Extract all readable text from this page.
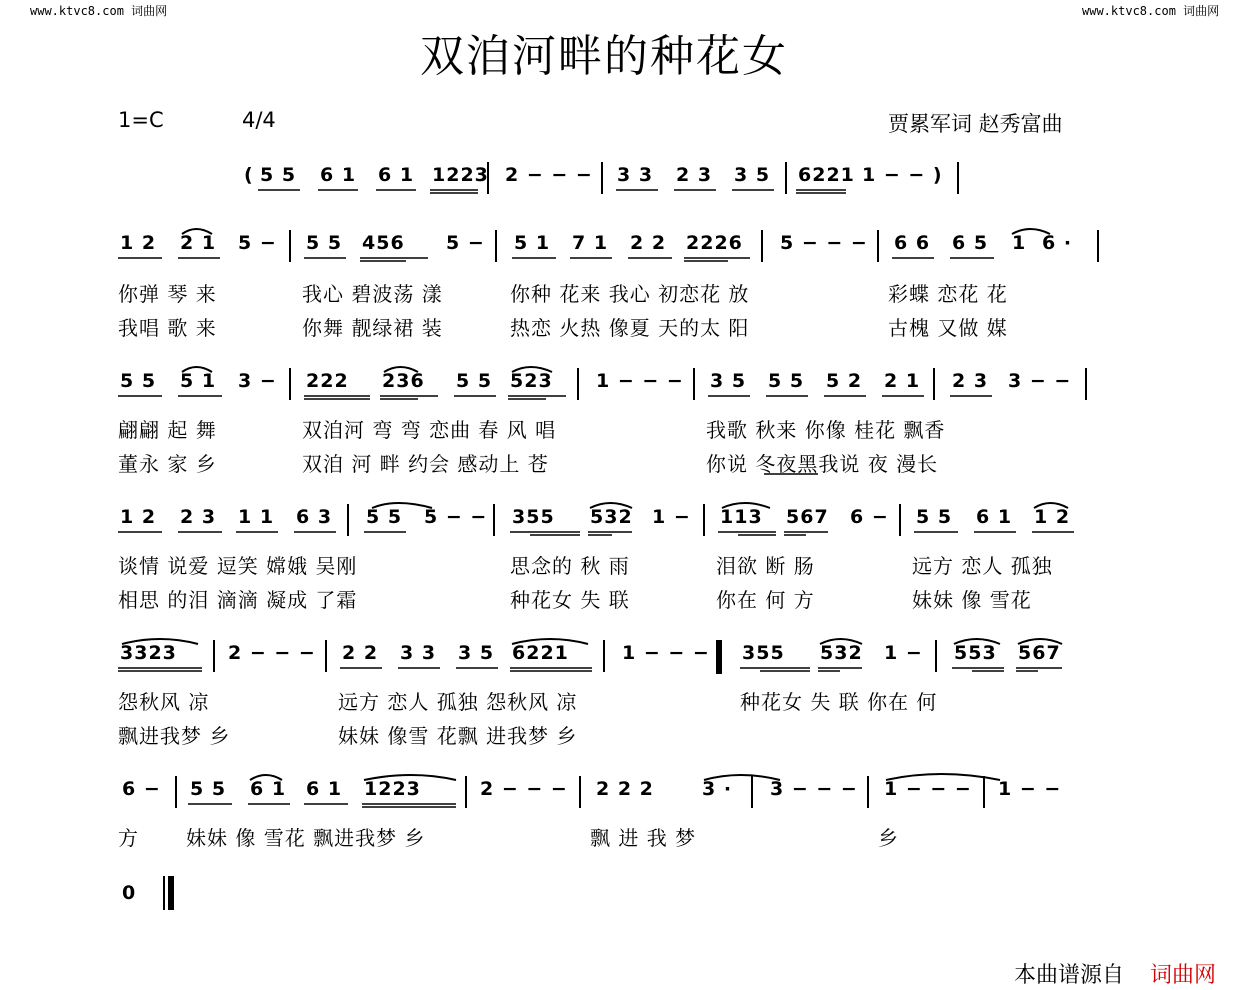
www.ktvc8.com 词曲网	www.ktvc8.com 词曲网
双洎河畔的种花女
1=C	4/4	贾累军词 赵秀富曲
( 5 5 6 1 6 1 1223 2 − − − 3 3 2 3 3 5 6221 1 − − )
1 2 2 1 5 − 5 5 456 5 − 5 1 7 1 2 2 2226 5 − − − 6 6 6 5 1 6 ·
你弹 琴 来	我心 碧波荡 漾	你种 花来 我心 初恋花 放	彩蝶 恋花 花
我唱 歌 来	你舞 靓绿裙 装	热恋 火热 像夏 天的太 阳	古槐 又做 媒
5 5 5 1 3 − 222 236 5 5 523 1 − − − 3 5 5 5 5 2 2 1 2 3 3 − −
翩翩 起 舞	双洎河 弯 弯 恋曲 春 风 唱	我歌 秋来 你像 桂花 飘香
董永 家 乡	双洎 河 畔 约会 感动上 苍	你说 冬夜黑我说 夜 漫长
1 2 2 3 1 1 6 3 5 5 5 − − 355 532 1 − 113 567 6 − 5 5 6 1 1 2
谈情 说爱 逗笑 嫦娥 吴刚	思念的 秋 雨	泪欲 断 肠	远方 恋人 孤独
相思 的泪 滴滴 凝成 了霜	种花女 失 联	你在 何 方	妹妹 像 雪花
3323	2 − − − 2 2 3 3 3 5 6221	1 − − − 355 532 1 − 553 567
怨秋风 凉	远方 恋人 孤独 怨秋风 凉	种花女 失 联 你在 何
飘进我梦 乡	妹妹 像雪 花飘 进我梦 乡
6 − 5 5 6 1 6 1 1223	2 − − − 2 2 2	3 · 3 − − − 1 − − − 1 − −
方 妹妹 像 雪花 飘进我梦 乡	飘 进 我 梦	乡
0
本曲谱源自 词曲网
